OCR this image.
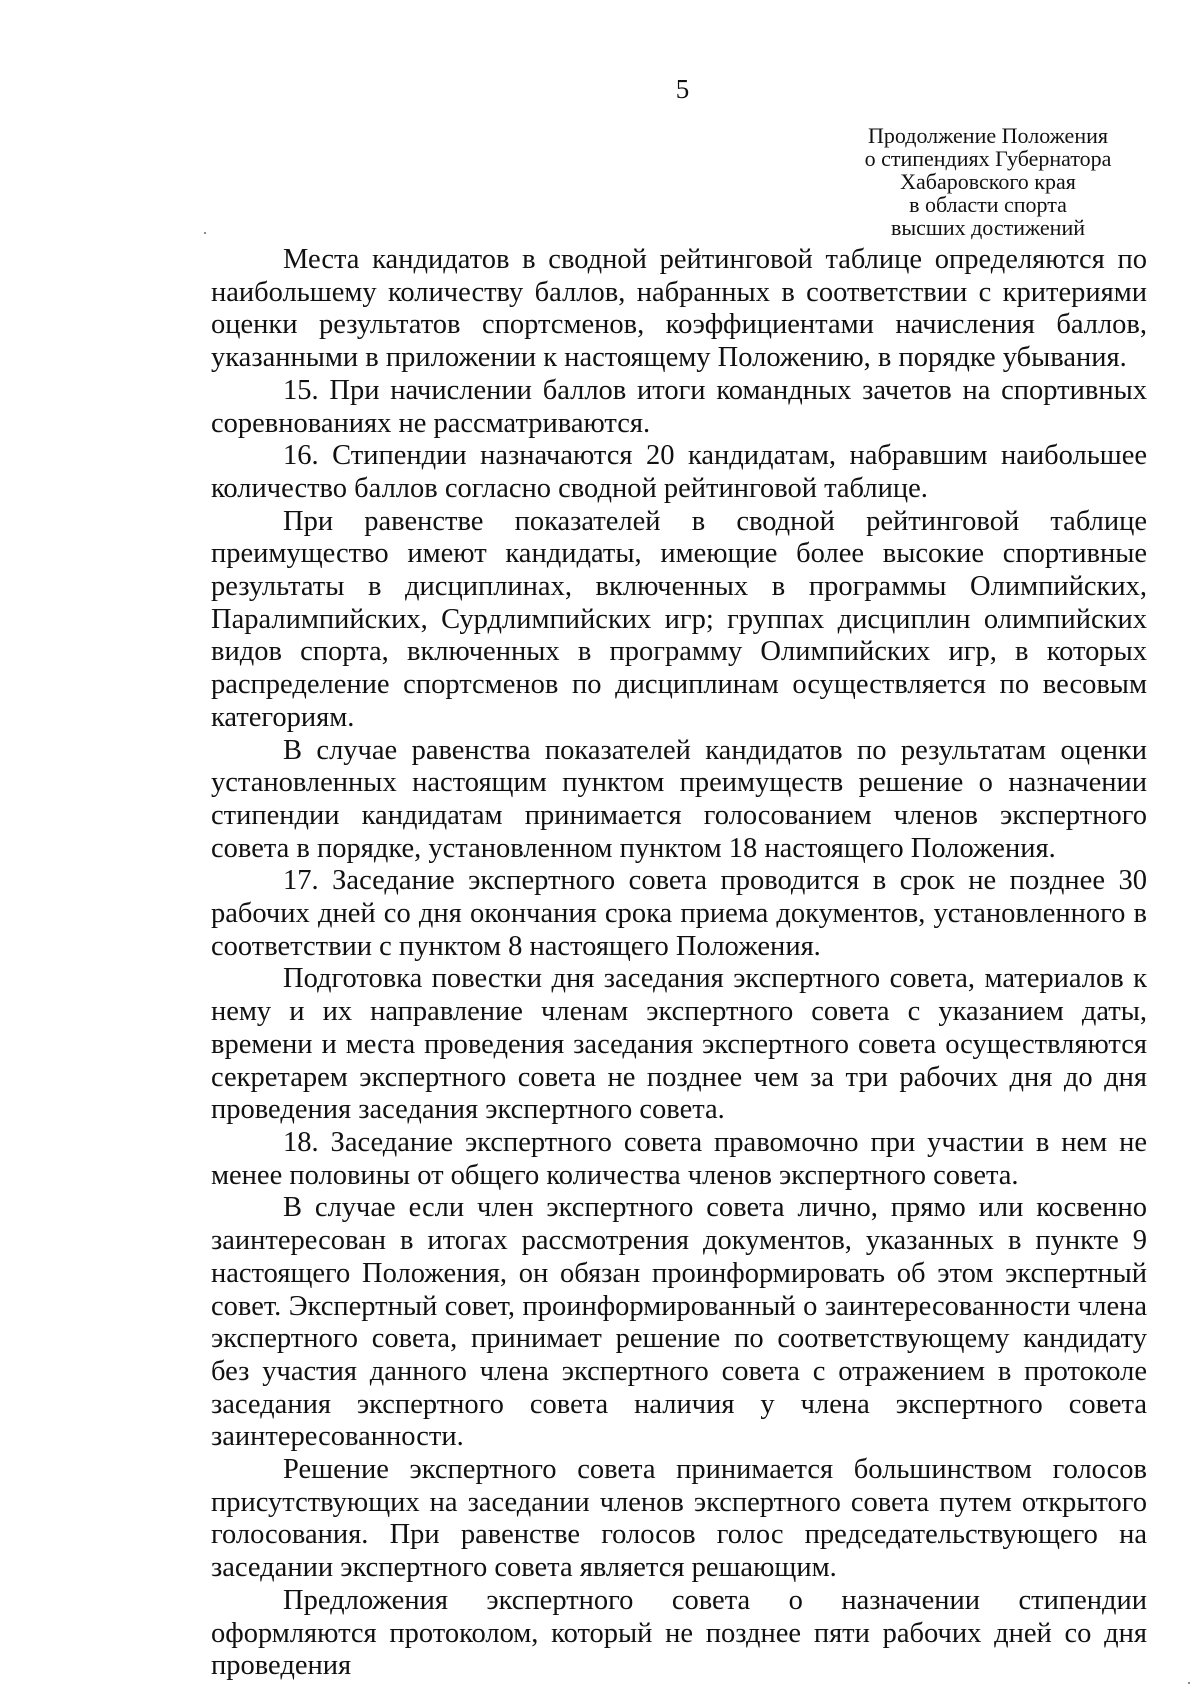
5
Продолжение Положения
о стипендиях Губернатора
Хабаровского края
в области спорта
высших достижений

Места кандидатов в сводной рейтинговой таблице определяются по наибольшему количеству баллов, набранных в соответствии с критериями оценки результатов спортсменов, коэффициентами начисления баллов, указанными в приложении к настоящему Положению, в порядке убывания.

15. При начислении баллов итоги командных зачетов на спортивных соревнованиях не рассматриваются.

16. Стипендии назначаются 20 кандидатам, набравшим наибольшее количество баллов согласно сводной рейтинговой таблице.

При равенстве показателей в сводной рейтинговой таблице преимущество имеют кандидаты, имеющие более высокие спортивные результаты в дисциплинах, включенных в программы Олимпийских, Паралимпийских, Сурдлимпийских игр; группах дисциплин олимпийских видов спорта, включенных в программу Олимпийских игр, в которых распределение спортсменов по дисциплинам осуществляется по весовым категориям.

В случае равенства показателей кандидатов по результатам оценки установленных настоящим пунктом преимуществ решение о назначении стипендии кандидатам принимается голосованием членов экспертного совета в порядке, установленном пунктом 18 настоящего Положения.

17. Заседание экспертного совета проводится в срок не позднее 30 рабочих дней со дня окончания срока приема документов, установленного в соответствии с пунктом 8 настоящего Положения.

Подготовка повестки дня заседания экспертного совета, материалов к нему и их направление членам экспертного совета с указанием даты, времени и места проведения заседания экспертного совета осуществляются секретарем экспертного совета не позднее чем за три рабочих дня до дня проведения заседания экспертного совета.

18. Заседание экспертного совета правомочно при участии в нем не менее половины от общего количества членов экспертного совета.

В случае если член экспертного совета лично, прямо или косвенно заинтересован в итогах рассмотрения документов, указанных в пункте 9 настоящего Положения, он обязан проинформировать об этом экспертный совет. Экспертный совет, проинформированный о заинтересованности члена экспертного совета, принимает решение по соответствующему кандидату без участия данного члена экспертного совета с отражением в протоколе заседания экспертного совета наличия у члена экспертного совета заинтересованности.

Решение экспертного совета принимается большинством голосов присутствующих на заседании членов экспертного совета путем открытого голосования. При равенстве голосов голос председательствующего на заседании экспертного совета является решающим.

Предложения экспертного совета о назначении стипендии оформляются протоколом, который не позднее пяти рабочих дней со дня проведения
